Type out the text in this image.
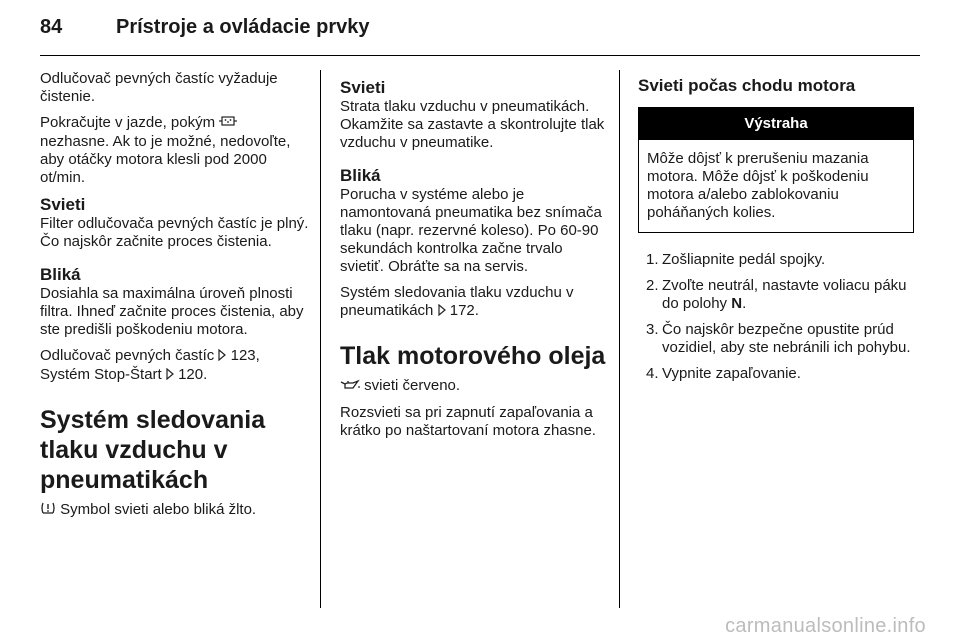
84	Prístroje a ovládacie prvky

Odlučovač pevných častíc vyžaduje čistenie.

Pokračujte v jazde, pokým  nezhasne. Ak to je možné, nedovoľte, aby otáčky motora klesli pod 2000 ot/min.

Svieti

Filter odlučovača pevných častíc je plný. Čo najskôr začnite proces čistenia.

Bliká

Dosiahla sa maximálna úroveň plnosti filtra. Ihneď začnite proces čistenia, aby ste predišli poškodeniu motora.

Odlučovač pevných častíc 123,
Systém Stop-Štart 120.

Systém sledovania tlaku vzduchu v pneumatikách

Symbol svieti alebo bliká žlto.

Svieti

Strata tlaku vzduchu v pneumatikách. Okamžite sa zastavte a skontrolujte tlak vzduchu v pneumatike.

Bliká

Porucha v systéme alebo je namontovaná pneumatika bez snímača tlaku (napr. rezervné koleso). Po 60-90 sekundách kontrolka začne trvalo svietiť. Obráťte sa na servis.

Systém sledovania tlaku vzduchu v pneumatikách 172.

Tlak motorového oleja

svieti červeno.

Rozsvieti sa pri zapnutí zapaľovania a krátko po naštartovaní motora zhasne.

Svieti počas chodu motora
Výstraha
Môže dôjsť k prerušeniu mazania motora. Môže dôjsť k poškodeniu motora a/alebo zablokovaniu poháňaných kolies.
1. Zošliapnite pedál spojky.
2. Zvoľte neutrál, nastavte voliacu páku do polohy N.
3. Čo najskôr bezpečne opustite prúd vozidiel, aby ste nebránili ich pohybu.
4. Vypnite zapaľovanie.
carmanualsonline.info
